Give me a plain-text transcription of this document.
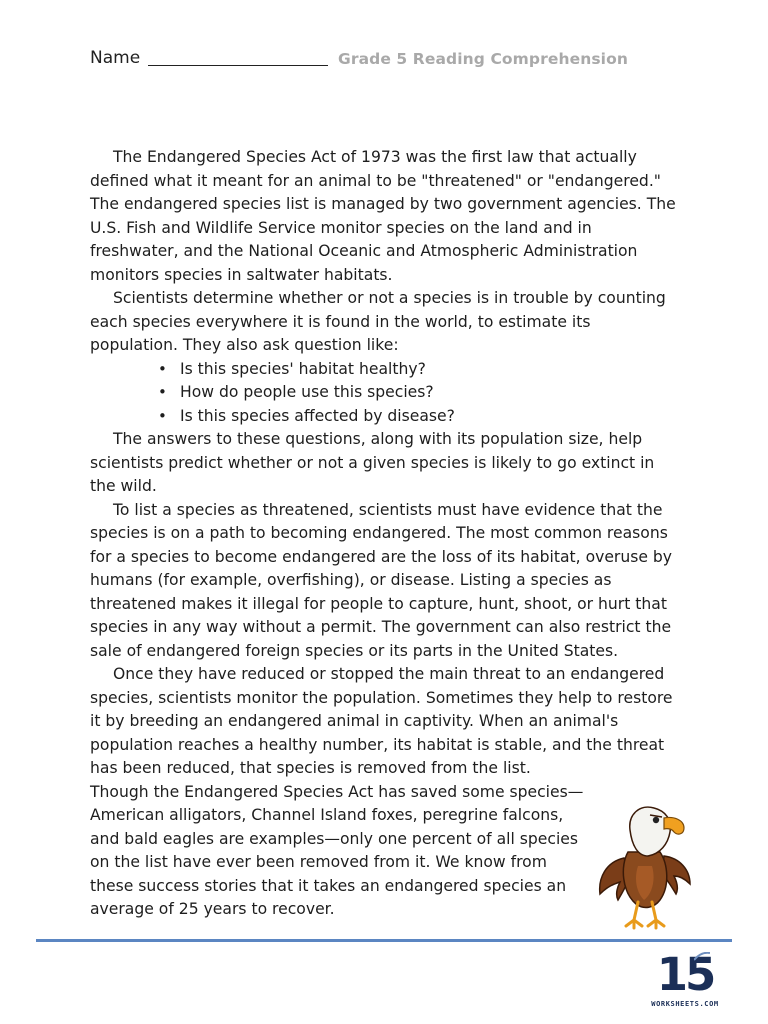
Name	Grade 5 Reading Comprehension

The Endangered Species Act of 1973 was the first law that actually defined what it meant for an animal to be "threatened" or "endangered." The endangered species list is managed by two government agencies. The U.S. Fish and Wildlife Service monitor species on the land and in freshwater, and the National Oceanic and Atmospheric Administration monitors species in saltwater habitats.

Scientists determine whether or not a species is in trouble by counting each species everywhere it is found in the world, to estimate its population. They also ask question like:

• Is this species' habitat healthy?
• How do people use this species?
• Is this species affected by disease?

The answers to these questions, along with its population size, help scientists predict whether or not a given species is likely to go extinct in the wild.

To list a species as threatened, scientists must have evidence that the species is on a path to becoming endangered. The most common reasons for a species to become endangered are the loss of its habitat, overuse by humans (for example, overfishing), or disease. Listing a species as threatened makes it illegal for people to capture, hunt, shoot, or hurt that species in any way without a permit. The government can also restrict the sale of endangered foreign species or its parts in the United States.

Once they have reduced or stopped the main threat to an endangered species, scientists monitor the population. Sometimes they help to restore it by breeding an endangered animal in captivity. When an animal's population reaches a healthy number, its habitat is stable, and the threat has been reduced, that species is removed from the list.

Though the Endangered Species Act has saved some species—American alligators, Channel Island foxes, peregrine falcons, and bald eagles are examples—only one percent of all species on the list have ever been removed from it. We know from these success stories that it takes an endangered species an average of 25 years to recover.

15
WORKSHEETS.COM
